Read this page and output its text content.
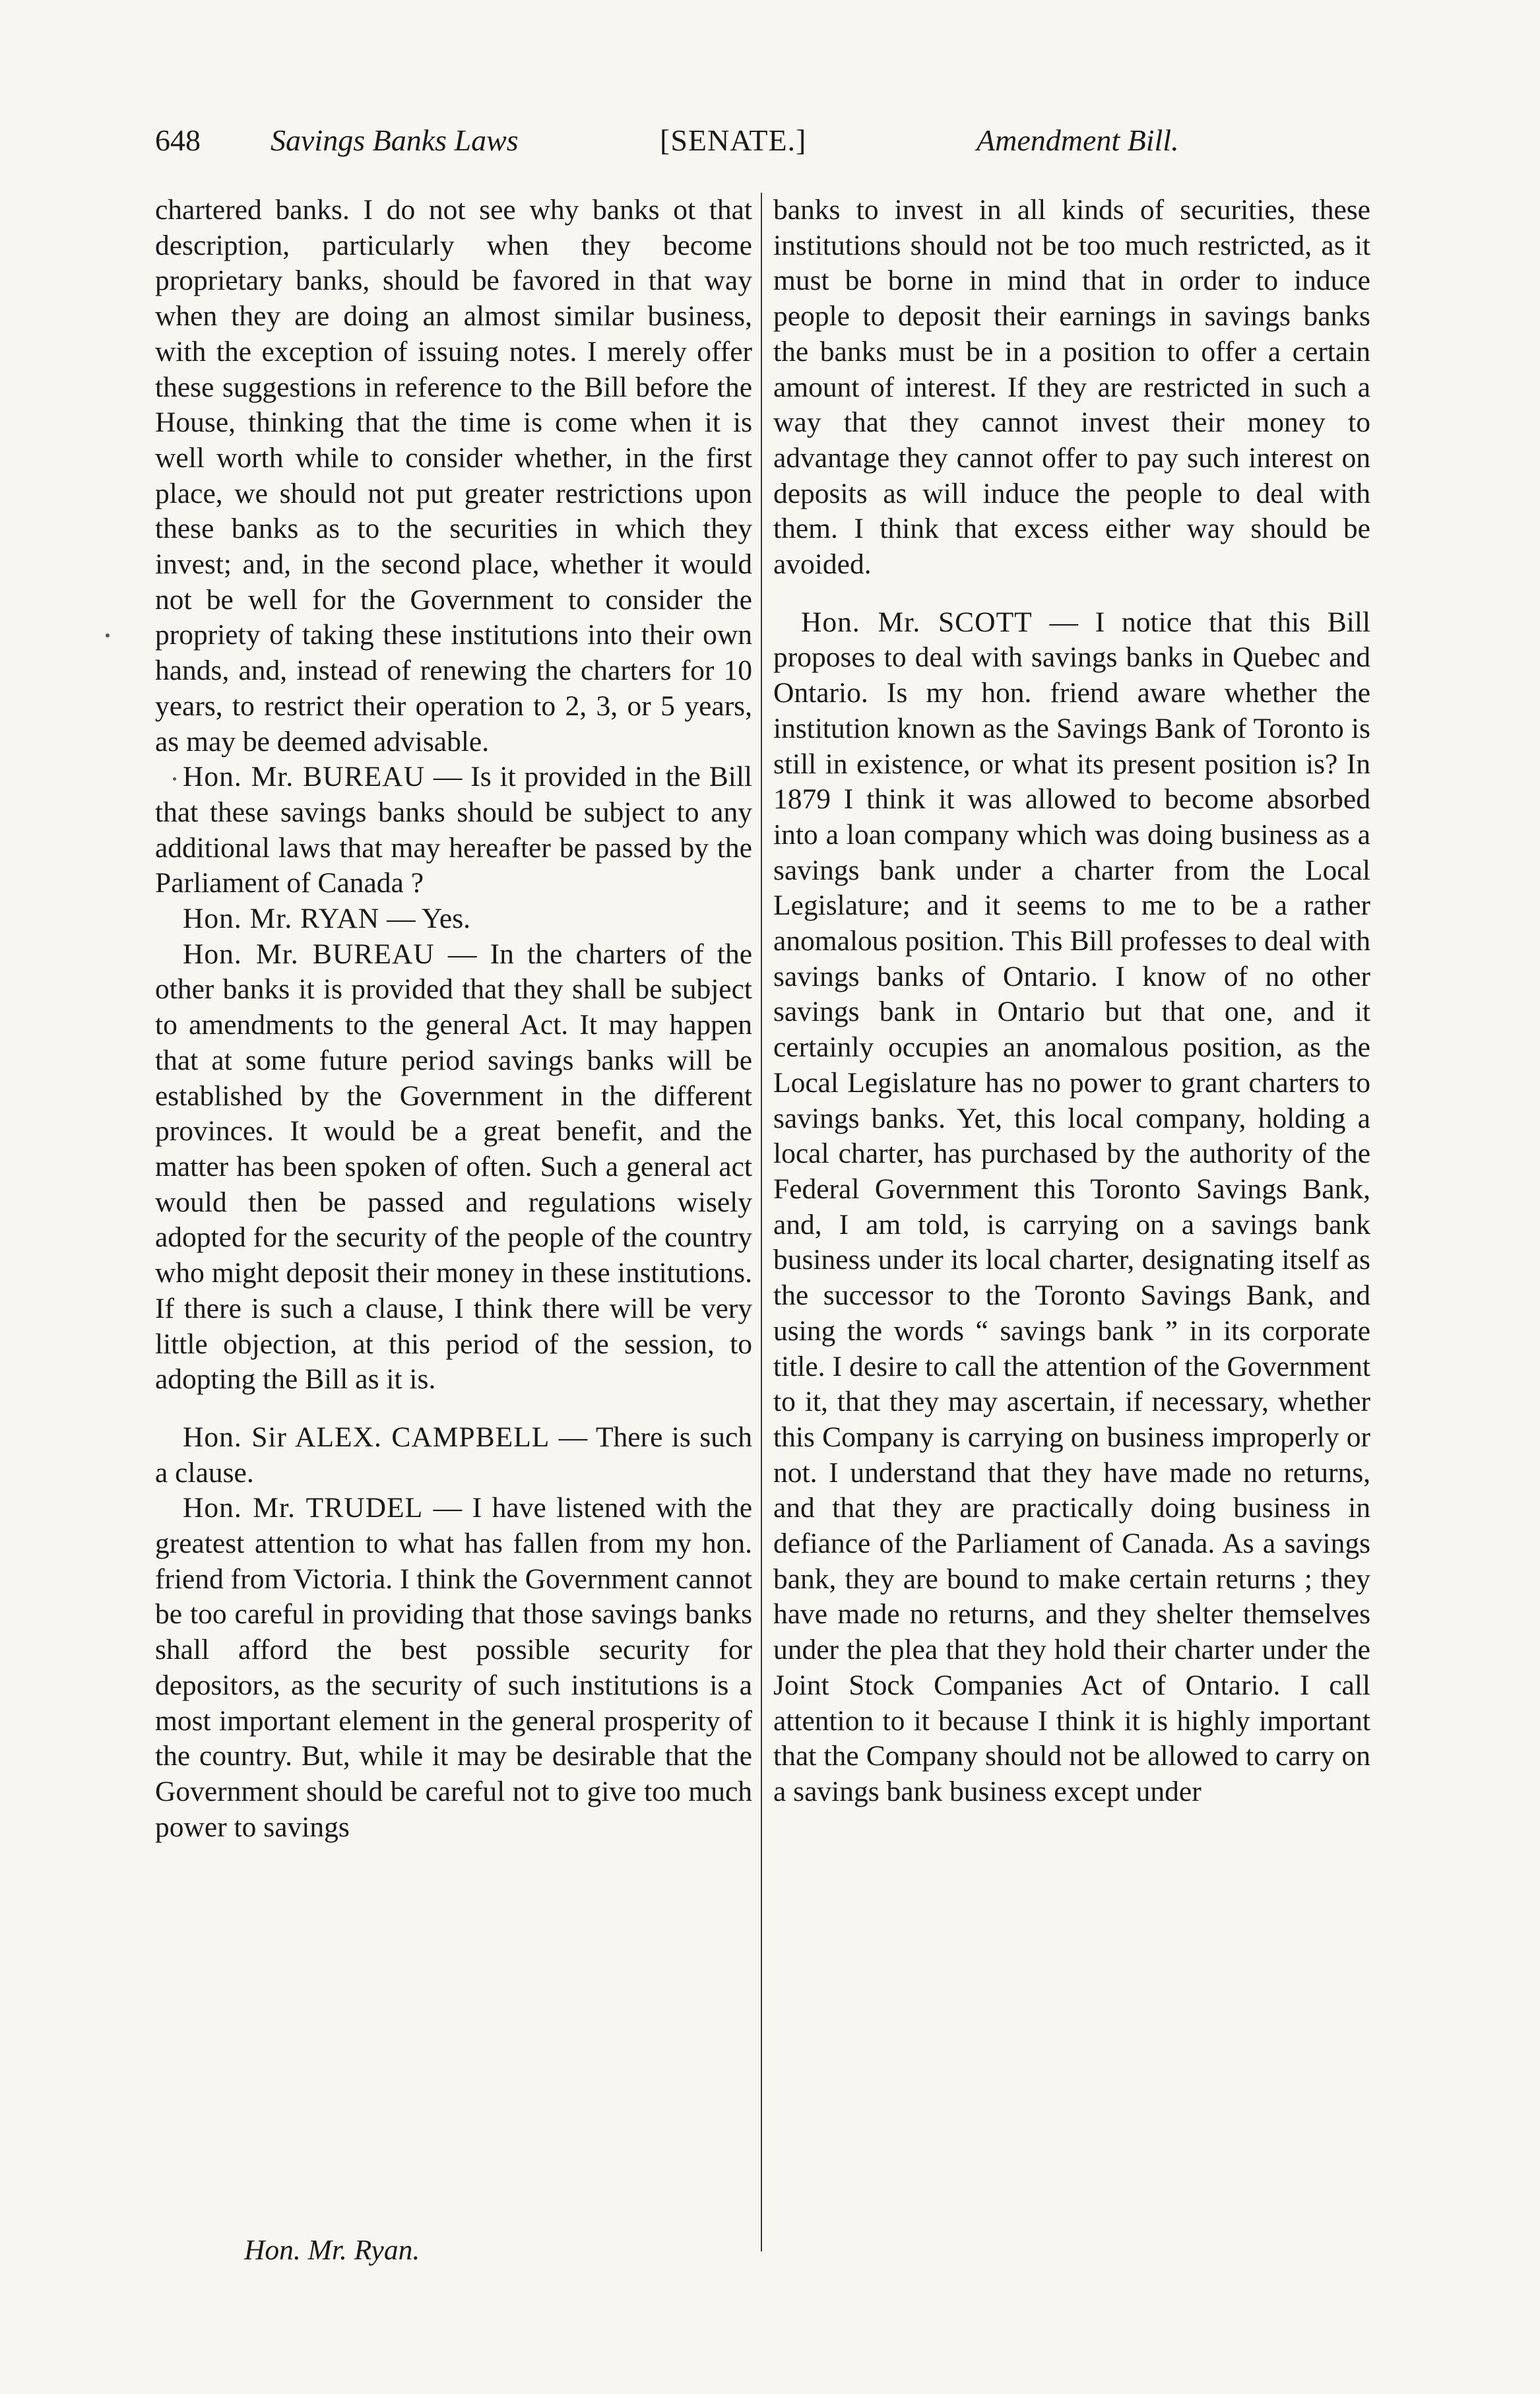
648 Savings Banks Laws	[SENATE.]	Amendment Bill.

chartered banks. I do not see why banks ot that description, particularly when they become proprietary banks, should be favored in that way when they are doing an almost similar business, with the exception of issuing notes. I merely offer these suggestions in reference to the Bill before the House, thinking that the time is come when it is well worth while to consider whether, in the first place, we should not put greater restrictions upon these banks as to the securities in which they invest; and, in the second place, whether it would not be well for the Government to consider the propriety of taking these institutions into their own hands, and, instead of renewing the charters for 10 years, to restrict their operation to 2, 3, or 5 years, as may be deemed advisable.

Hon. Mr. BUREAU — Is it provided in the Bill that these savings banks should be subject to any additional laws that may hereafter be passed by the Parliament of Canada ?

Hon. Mr. RYAN — Yes.

Hon. Mr. BUREAU — In the charters of the other banks it is provided that they shall be subject to amendments to the general Act. It may happen that at some future period savings banks will be established by the Government in the different provinces. It would be a great benefit, and the matter has been spoken of often. Such a general act would then be passed and regulations wisely adopted for the security of the people of the country who might deposit their money in these institutions. If there is such a clause, I think there will be very little objection, at this period of the session, to adopting the Bill as it is.

Hon. Sir ALEX. CAMPBELL — There is such a clause.

Hon. Mr. TRUDEL — I have listened with the greatest attention to what has fallen from my hon. friend from Victoria. I think the Government cannot be too careful in providing that those savings banks shall afford the best possible security for depositors, as the security of such institutions is a most important element in the general prosperity of the country. But, while it may be desirable that the Government should be careful not to give too much power to savings

banks to invest in all kinds of securities, these institutions should not be too much restricted, as it must be borne in mind that in order to induce people to deposit their earnings in savings banks the banks must be in a position to offer a certain amount of interest. If they are restricted in such a way that they cannot invest their money to advantage they cannot offer to pay such interest on deposits as will induce the people to deal with them. I think that excess either way should be avoided.

Hon. Mr. SCOTT — I notice that this Bill proposes to deal with savings banks in Quebec and Ontario. Is my hon. friend aware whether the institution known as the Savings Bank of Toronto is still in existence, or what its present position is? In 1879 I think it was allowed to become absorbed into a loan company which was doing business as a savings bank under a charter from the Local Legislature; and it seems to me to be a rather anomalous position. This Bill professes to deal with savings banks of Ontario. I know of no other savings bank in Ontario but that one, and it certainly occupies an anomalous position, as the Local Legislature has no power to grant charters to savings banks. Yet, this local company, holding a local charter, has purchased by the authority of the Federal Government this Toronto Savings Bank, and, I am told, is carrying on a savings bank business under its local charter, designating itself as the successor to the Toronto Savings Bank, and using the words “ savings bank ” in its corporate title. I desire to call the attention of the Government to it, that they may ascertain, if necessary, whether this Company is carrying on business improperly or not. I understand that they have made no returns, and that they are practically doing business in defiance of the Parliament of Canada. As a savings bank, they are bound to make certain returns ; they have made no returns, and they shelter themselves under the plea that they hold their charter under the Joint Stock Companies Act of Ontario. I call attention to it because I think it is highly important that the Company should not be allowed to carry on a savings bank business except under

Hon. Mr. Ryan.
